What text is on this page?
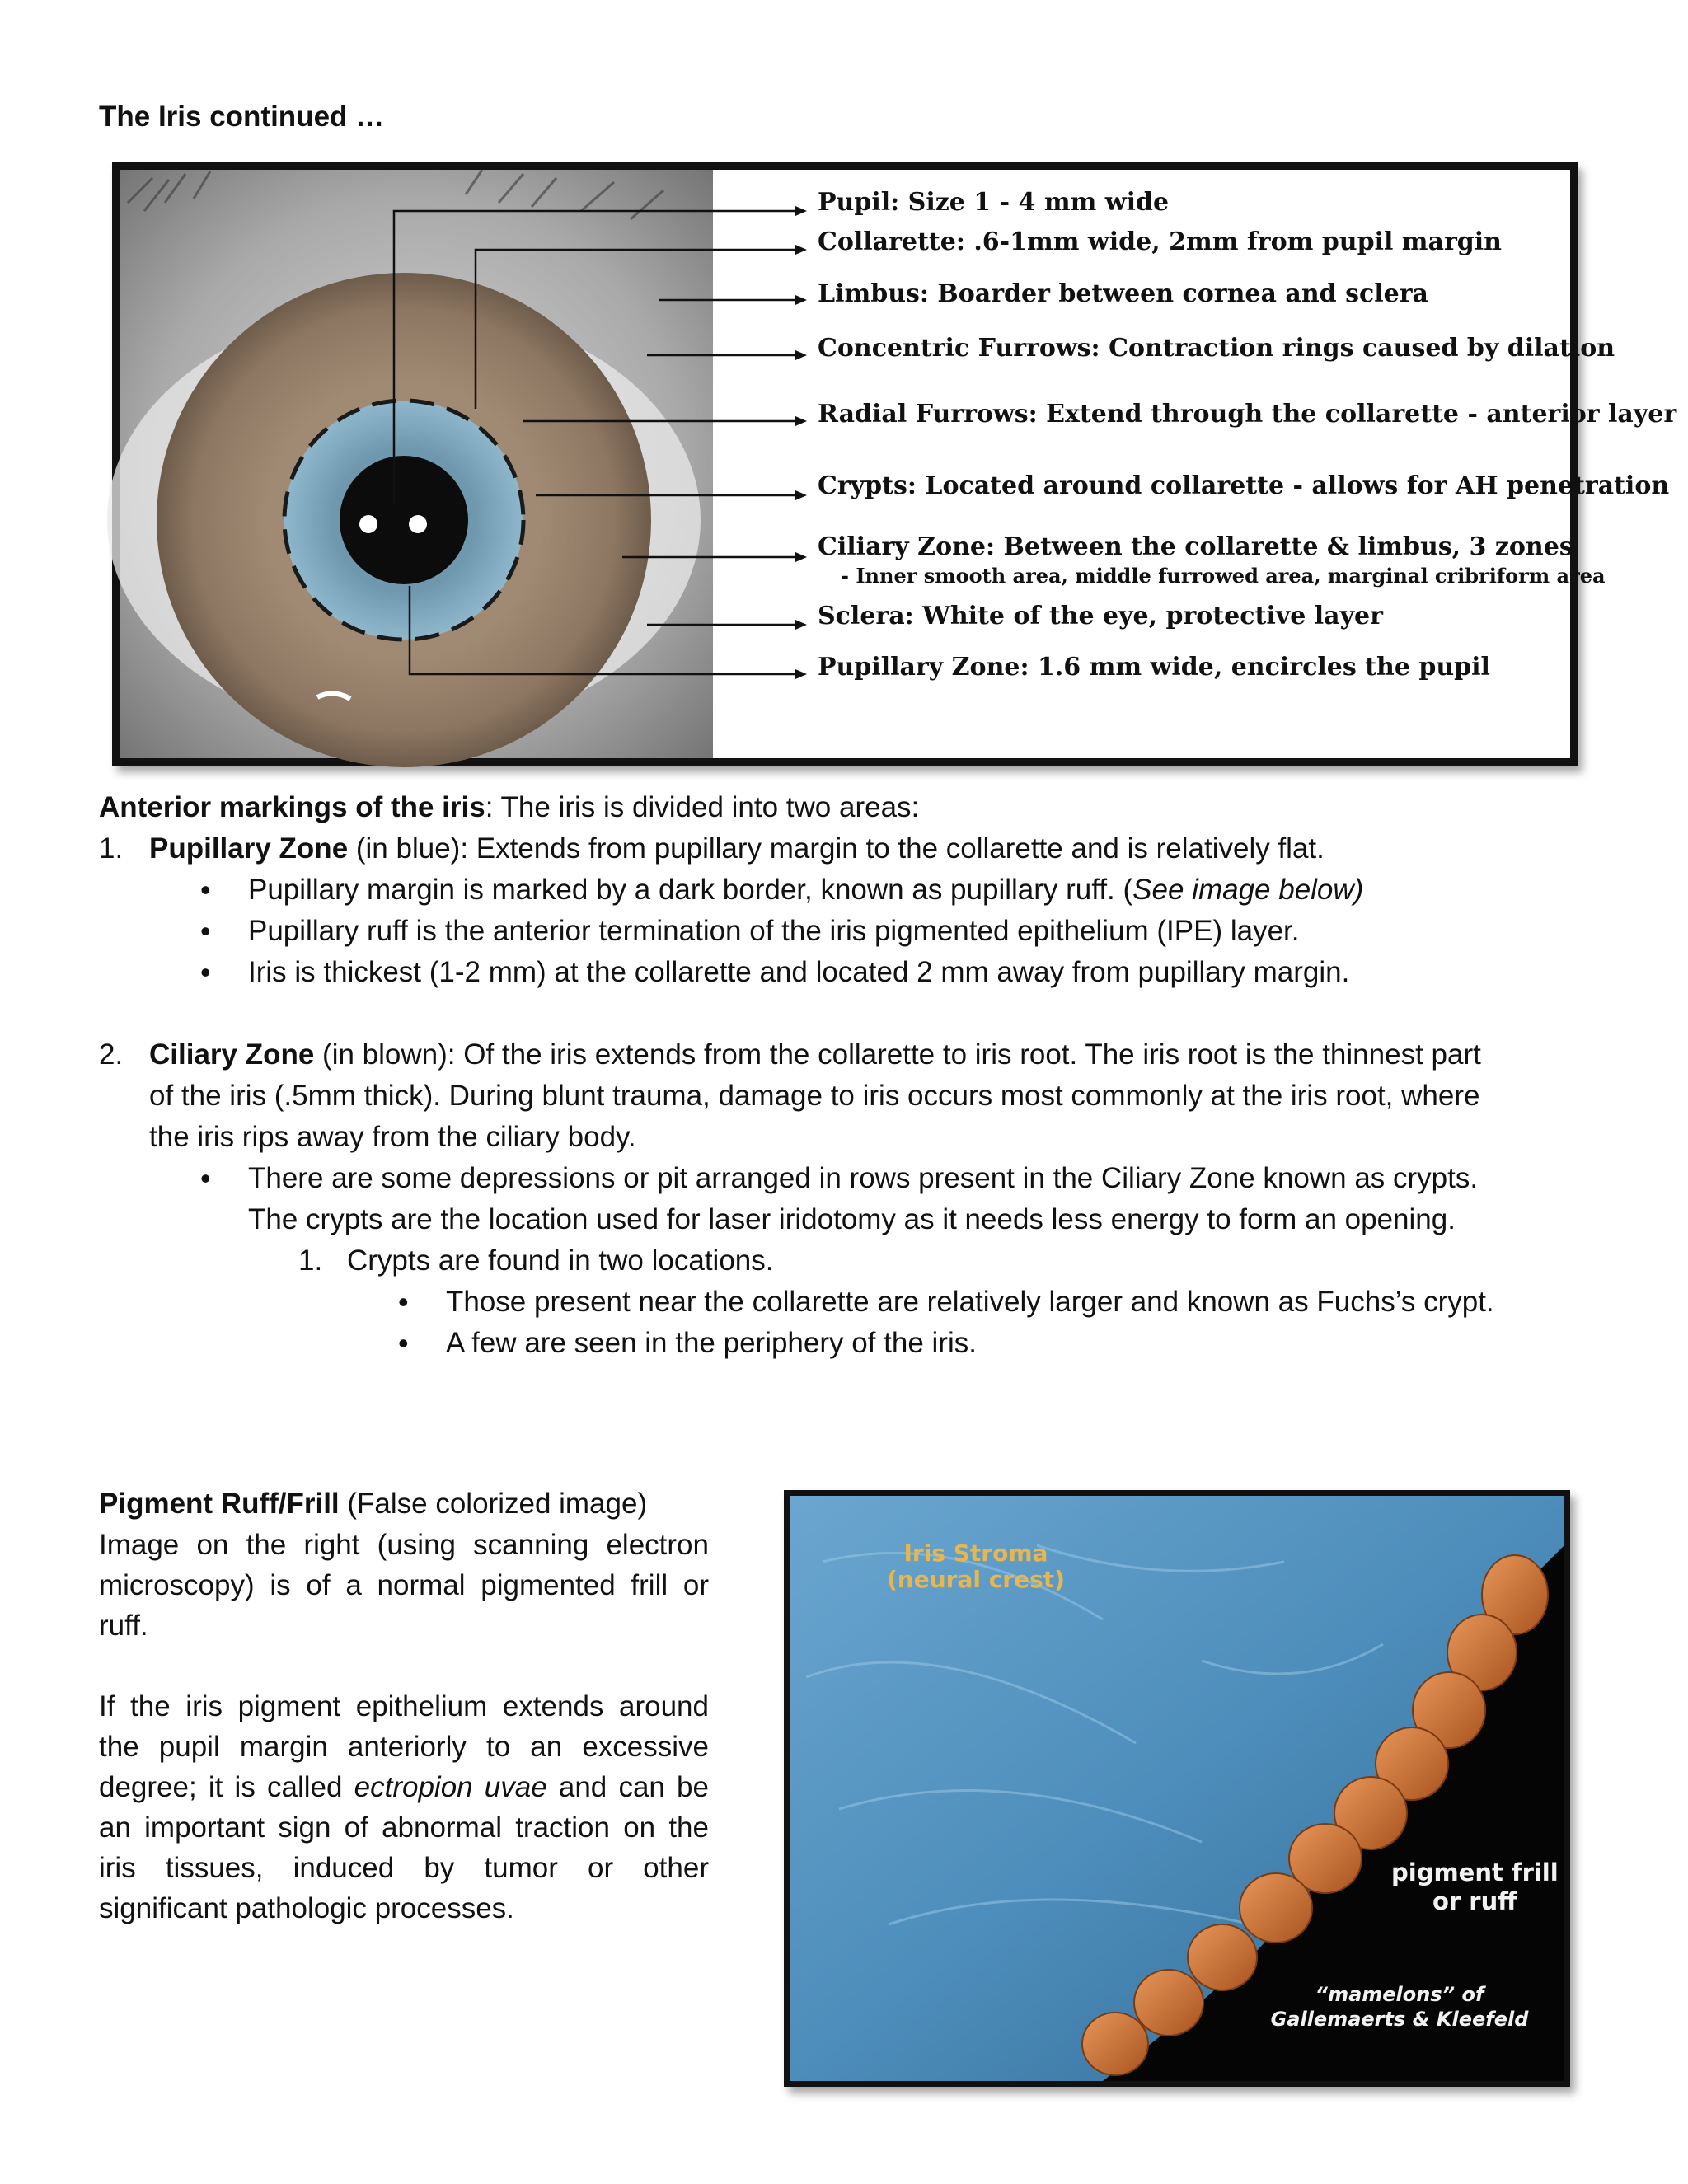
The Iris continued …
Pupil: Size 1 - 4 mm wide
Collarette: .6-1mm wide, 2mm from pupil margin
Limbus: Boarder between cornea and sclera
Concentric Furrows: Contraction rings caused by dilation
Radial Furrows: Extend through the collarette - anterior layer
Crypts: Located around collarette - allows for AH penetration
Ciliary Zone: Between the collarette & limbus, 3 zones
- Inner smooth area, middle furrowed area, marginal cribriform area
Sclera: White of the eye, protective layer
Pupillary Zone: 1.6 mm wide, encircles the pupil
Anterior markings of the iris: The iris is divided into two areas:
1. Pupillary Zone (in blue): Extends from pupillary margin to the collarette and is relatively flat.
• Pupillary margin is marked by a dark border, known as pupillary ruff. (See image below)
• Pupillary ruff is the anterior termination of the iris pigmented epithelium (IPE) layer.
• Iris is thickest (1-2 mm) at the collarette and located 2 mm away from pupillary margin.
2. Ciliary Zone (in blown): Of the iris extends from the collarette to iris root. The iris root is the thinnest part
of the iris (.5mm thick). During blunt trauma, damage to iris occurs most commonly at the iris root, where
the iris rips away from the ciliary body.
• There are some depressions or pit arranged in rows present in the Ciliary Zone known as crypts.
The crypts are the location used for laser iridotomy as it needs less energy to form an opening.
1. Crypts are found in two locations.
• Those present near the collarette are relatively larger and known as Fuchs’s crypt.
• A few are seen in the periphery of the iris.
Pigment Ruff/Frill (False colorized image)
Image on the right (using scanning electron
microscopy) is of a normal pigmented frill or
ruff.
If the iris pigment epithelium extends around the pupil margin anteriorly to an excessive degree; it is called ectropion uvae and can be an important sign of abnormal traction on the iris tissues, induced by tumor or other significant pathologic processes.
Iris Stroma
(neural crest)
pigment frill
or ruff
“mamelons” of
Gallemaerts & Kleefeld
